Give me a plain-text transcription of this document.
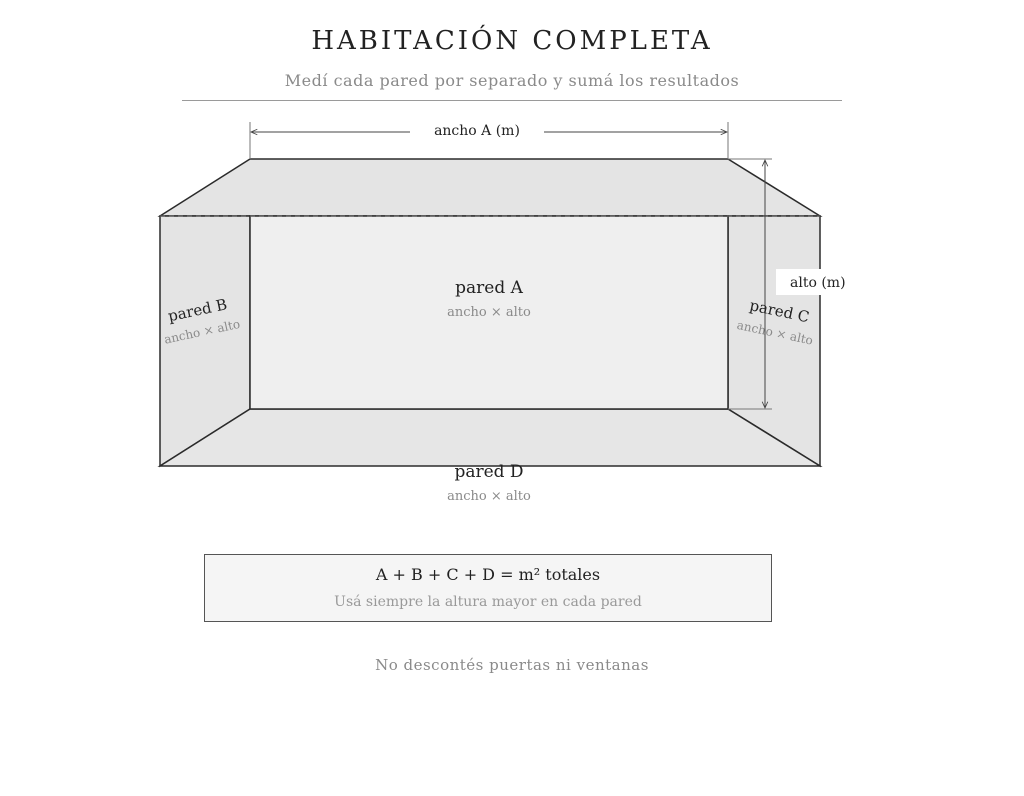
HABITACIÓN COMPLETA
Medí cada pared por separado y sumá los resultados
ancho A (m)
alto (m)
pared A
ancho × alto
pared B
ancho × alto
pared C
ancho × alto
pared D
ancho × alto
A + B + C + D = m² totales
Usá siempre la altura mayor en cada pared
No descontés puertas ni ventanas
